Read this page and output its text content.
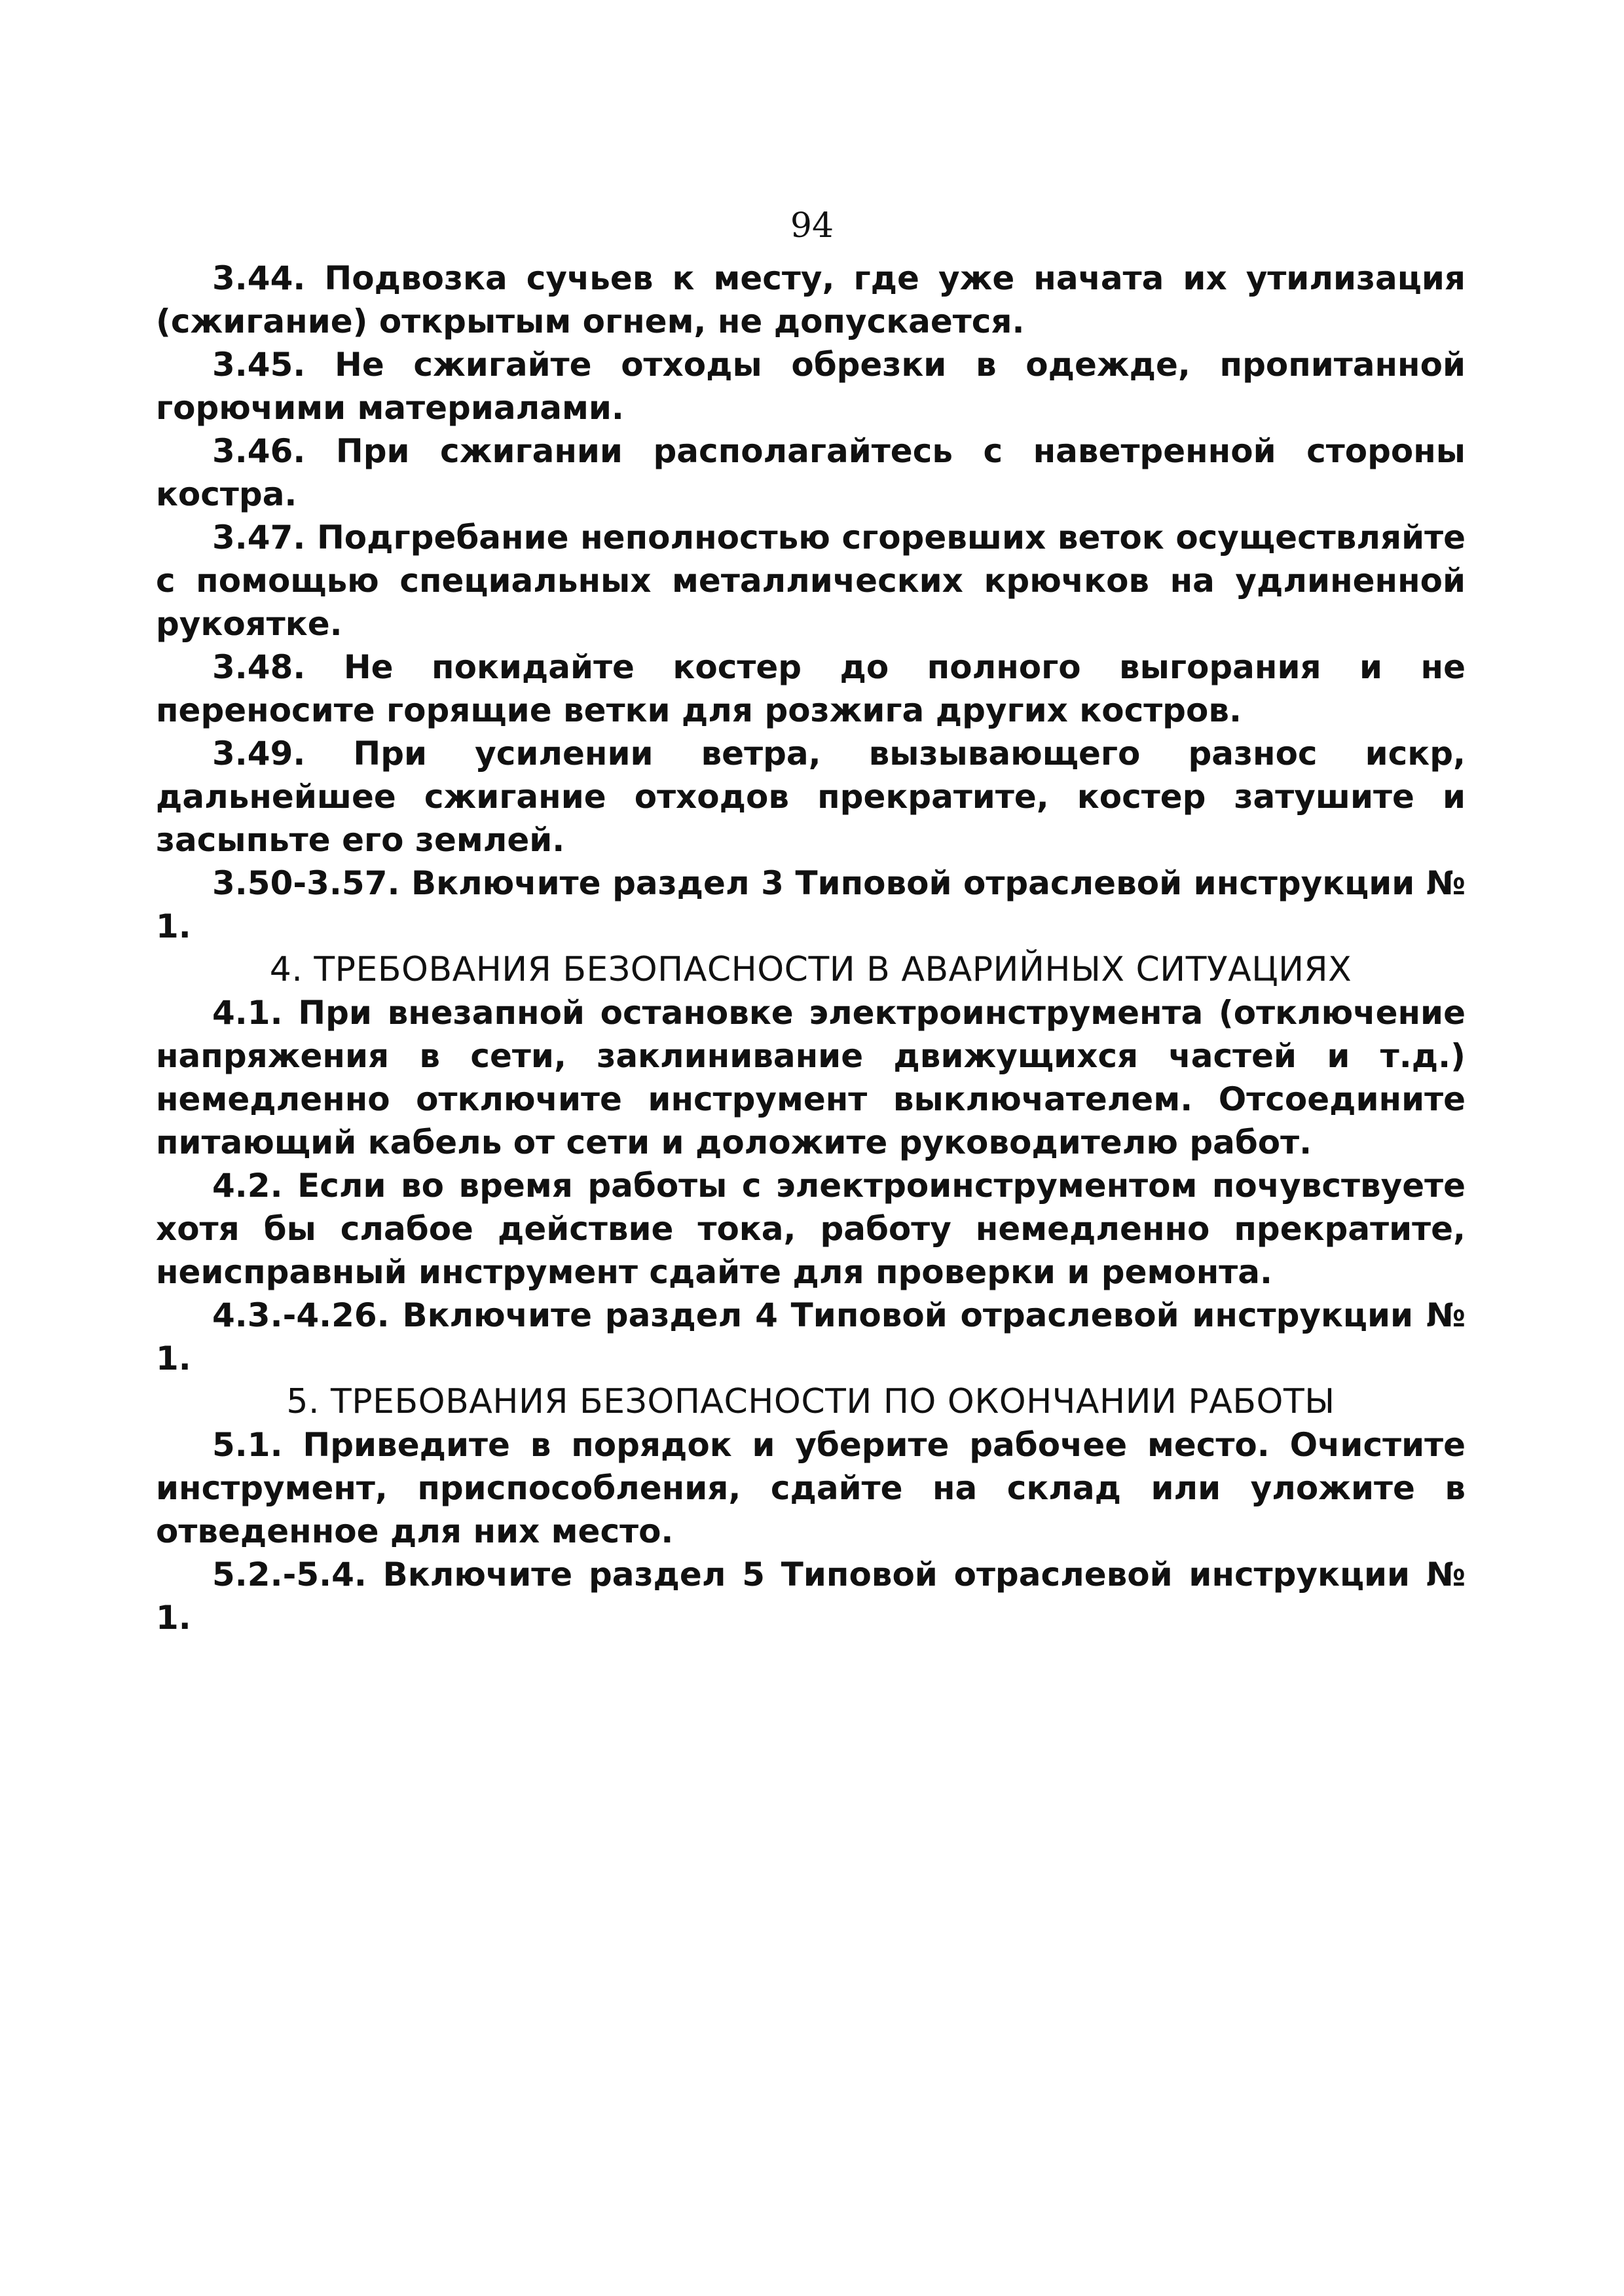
94

3.44. Подвозка сучьев к месту, где уже начата их утилизация (сжигание) открытым огнем, не допускается.

3.45. Не сжигайте отходы обрезки в одежде, пропитанной горючими материалами.

3.46. При сжигании располагайтесь с наветренной стороны костра.

3.47. Подгребание неполностью сгоревших веток осуществляйте с помощью специальных металлических крючков на удлиненной рукоятке.

3.48. Не покидайте костер до полного выгорания и не переносите горящие ветки для розжига других костров.

3.49. При усилении ветра, вызывающего разнос искр, дальнейшее сжигание отходов прекратите, костер затушите и засыпьте его землей.

3.50-3.57. Включите раздел 3 Типовой отраслевой инструкции № 1.

4. ТРЕБОВАНИЯ БЕЗОПАСНОСТИ В АВАРИЙНЫХ СИТУАЦИЯХ

4.1. При внезапной остановке электроинструмента (отключение напряжения в сети, заклинивание движущихся частей и т.д.) немедленно отключите инструмент выключателем. Отсоедините питающий кабель от сети и доложите руководителю работ.

4.2. Если во время работы с электроинструментом почувствуете хотя бы слабое действие тока, работу немедленно прекратите, неисправный инструмент сдайте для проверки и ремонта.

4.3.-4.26. Включите раздел 4 Типовой отраслевой инструкции № 1.

5. ТРЕБОВАНИЯ БЕЗОПАСНОСТИ ПО ОКОНЧАНИИ РАБОТЫ

5.1. Приведите в порядок и уберите рабочее место. Очистите инструмент, приспособления, сдайте на склад или уложите в отведенное для них место.

5.2.-5.4. Включите раздел 5 Типовой отраслевой инструкции № 1.
